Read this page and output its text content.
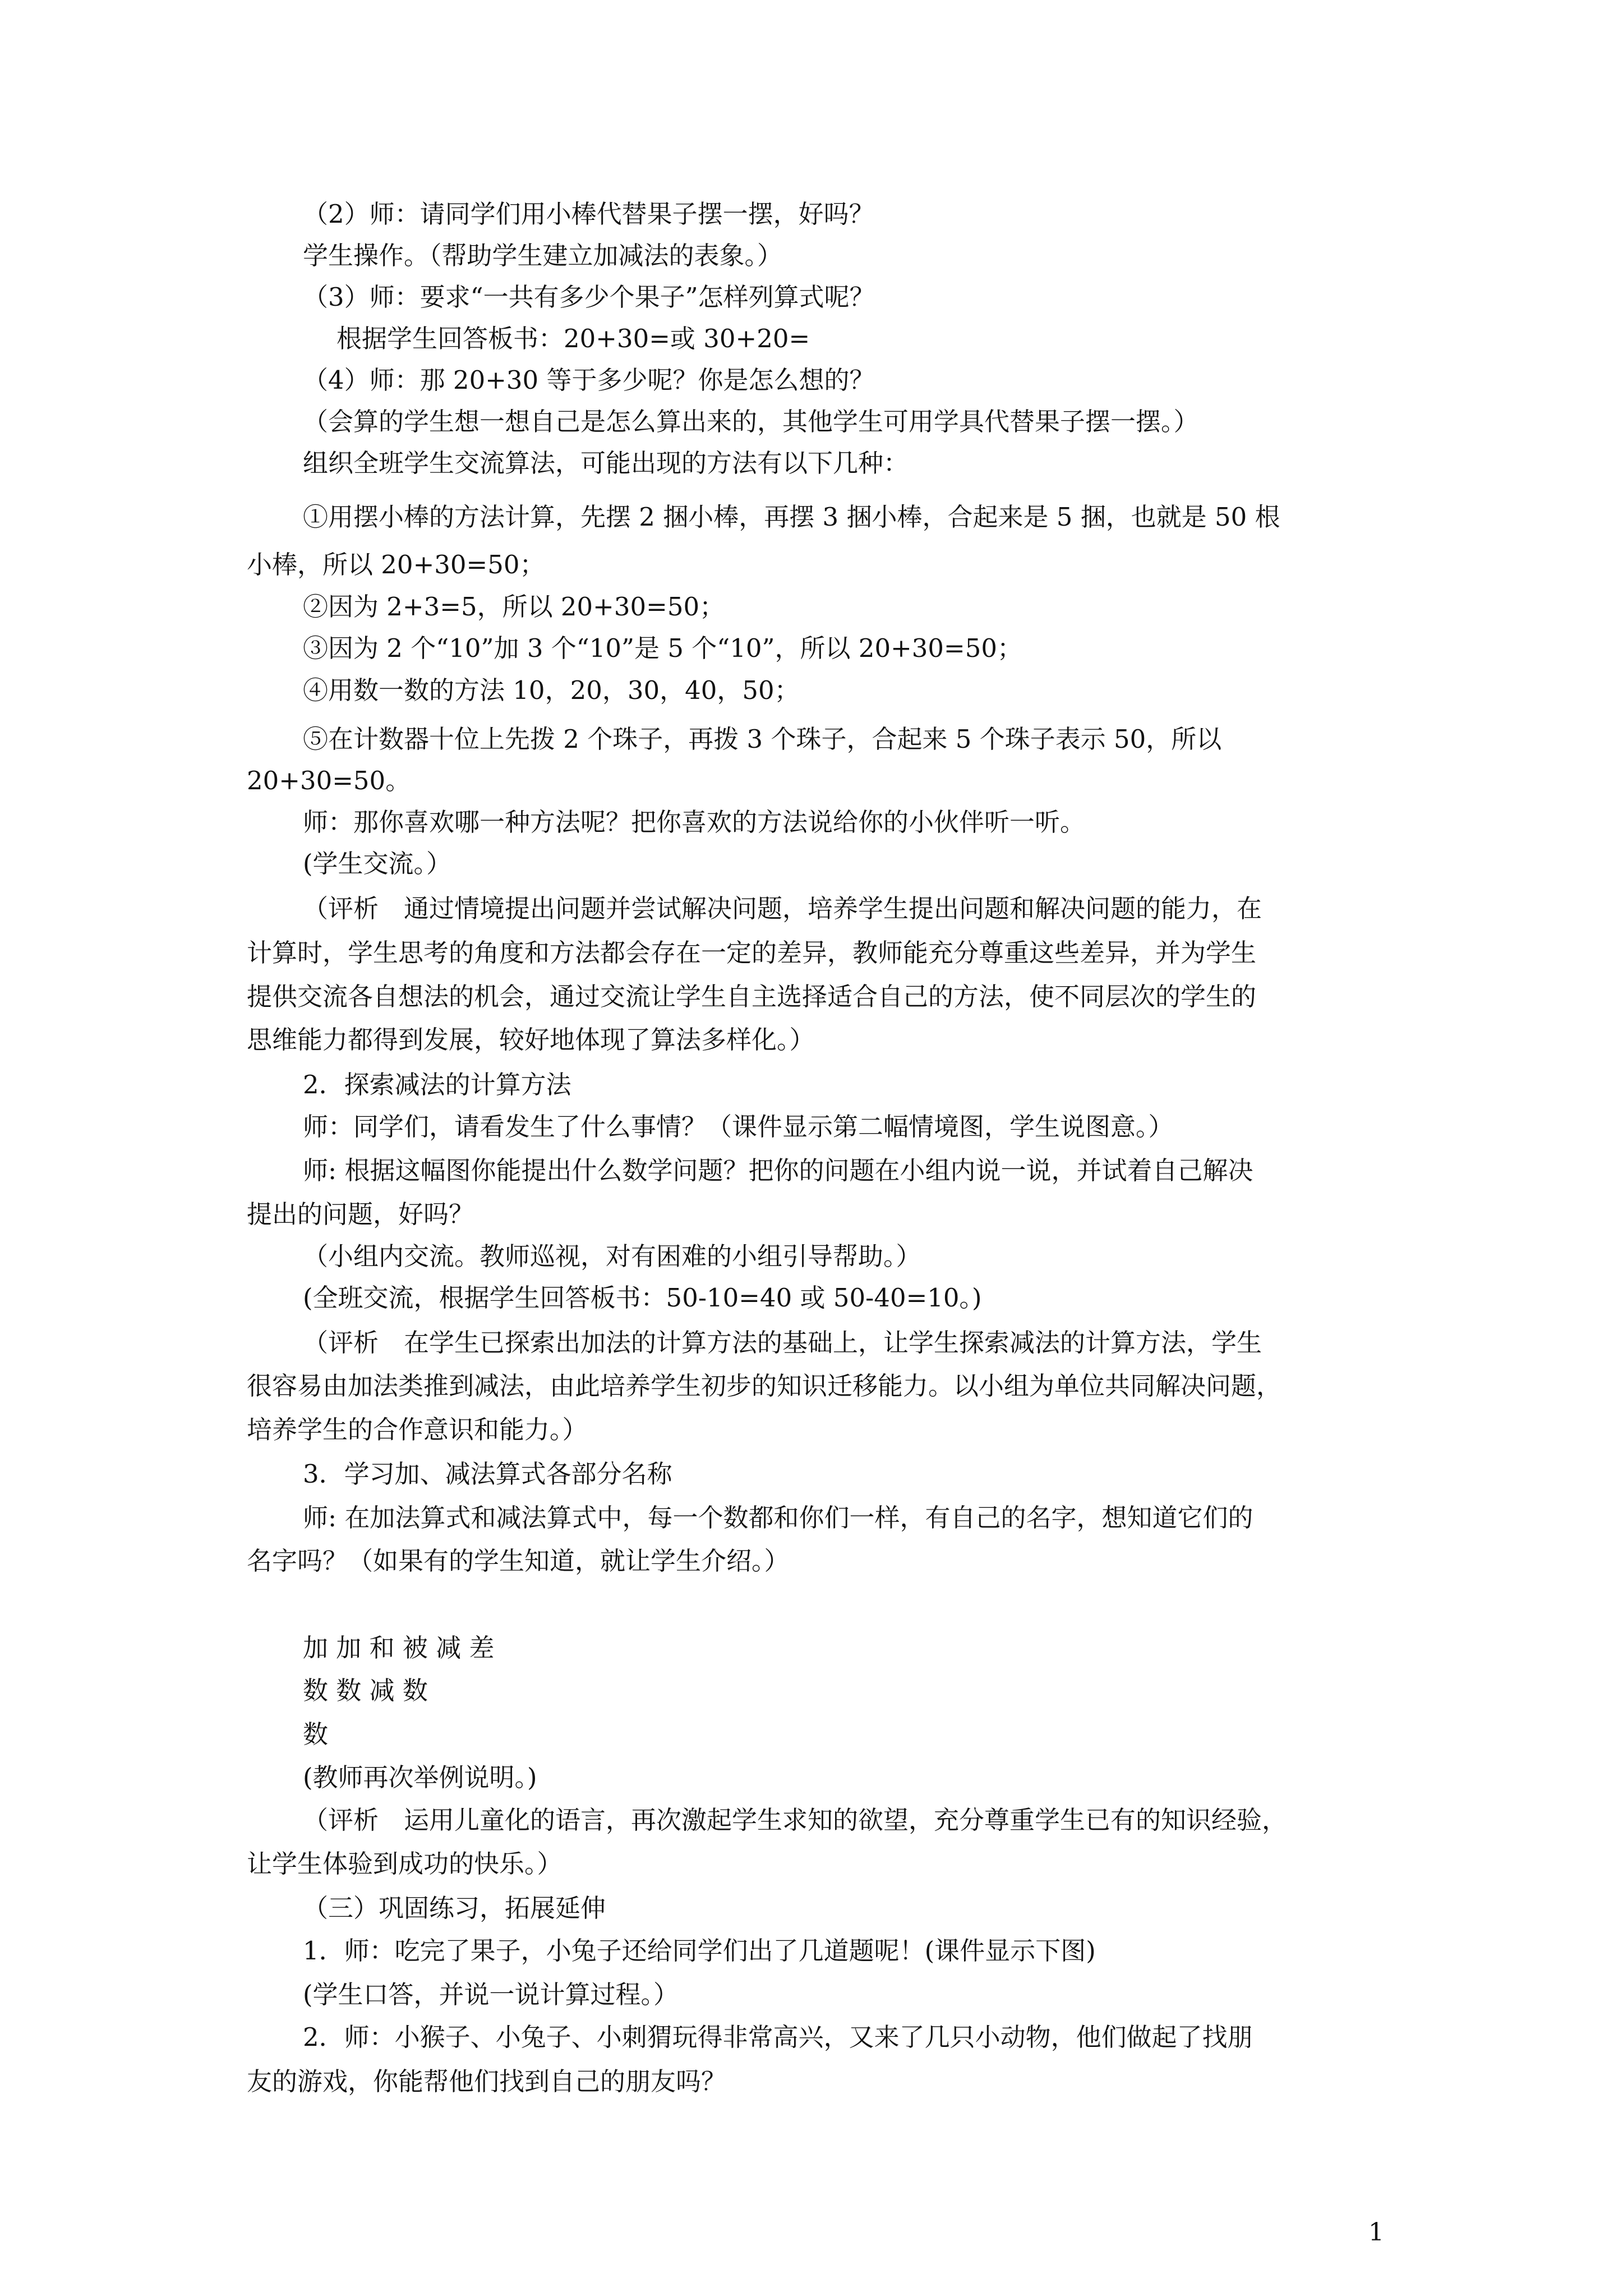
（2）师：请同学们用小棒代替果子摆一摆，好吗？
学生操作。（帮助学生建立加减法的表象。）
（3）师：要求“一共有多少个果子”怎样列算式呢？
根据学生回答板书：20+30=或 30+20=
（4）师：那 20+30 等于多少呢？你是怎么想的？
（会算的学生想一想自己是怎么算出来的，其他学生可用学具代替果子摆一摆。）
组织全班学生交流算法，可能出现的方法有以下几种：
①用摆小棒的方法计算，先摆 2 捆小棒，再摆 3 捆小棒，合起来是 5 捆，也就是 50 根
小棒，所以 20+30=50；
②因为 2+3=5，所以 20+30=50；
③因为 2 个“10”加 3 个“10”是 5 个“10”，所以 20+30=50；
④用数一数的方法 10，20，30，40，50；
⑤在计数器十位上先拨 2 个珠子，再拨 3 个珠子，合起来 5 个珠子表示 50，所以
20+30=50。
师：那你喜欢哪一种方法呢？把你喜欢的方法说给你的小伙伴听一听。
(学生交流。）
（评析　通过情境提出问题并尝试解决问题，培养学生提出问题和解决问题的能力，在
计算时，学生思考的角度和方法都会存在一定的差异，教师能充分尊重这些差异，并为学生
提供交流各自想法的机会，通过交流让学生自主选择适合自己的方法，使不同层次的学生的
思维能力都得到发展，较好地体现了算法多样化。）
2．探索减法的计算方法
师：同学们，请看发生了什么事情？（课件显示第二幅情境图，学生说图意。）
师: 根据这幅图你能提出什么数学问题？把你的问题在小组内说一说，并试着自己解决
提出的问题，好吗？
（小组内交流。教师巡视，对有困难的小组引导帮助。）
(全班交流，根据学生回答板书：50-10=40 或 50-40=10。)
（评析　在学生已探索出加法的计算方法的基础上，让学生探索减法的计算方法，学生
很容易由加法类推到减法，由此培养学生初步的知识迁移能力。以小组为单位共同解决问题，
培养学生的合作意识和能力。）
3．学习加、减法算式各部分名称
师: 在加法算式和减法算式中，每一个数都和你们一样，有自己的名字，想知道它们的
名字吗？（如果有的学生知道，就让学生介绍。）
加 加 和 被 减 差
数 数 减 数
数
(教师再次举例说明。)
（评析　运用儿童化的语言，再次激起学生求知的欲望，充分尊重学生已有的知识经验，
让学生体验到成功的快乐。）
（三）巩固练习，拓展延伸
1．师：吃完了果子，小兔子还给同学们出了几道题呢！(课件显示下图)
(学生口答，并说一说计算过程。）
2．师：小猴子、小兔子、小刺猬玩得非常高兴，又来了几只小动物，他们做起了找朋
友的游戏，你能帮他们找到自己的朋友吗？
1
